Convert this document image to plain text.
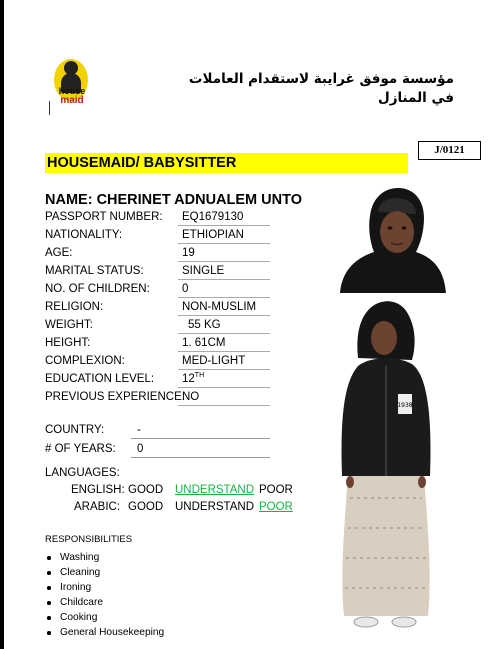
house
maid
مؤسسة موفق غرايبة لاستقدام العاملات
في المنازل
J/0121
HOUSEMAID/ BABYSITTER
NAME: CHERINET ADNUALEM UNTO
PASSPORT NUMBER:	EQ1679130
NATIONALITY:	ETHIOPIAN
AGE:	19
MARITAL STATUS:	SINGLE
NO. OF CHILDREN:	0
RELIGION:	NON-MUSLIM
WEIGHT:	55 KG
HEIGHT:	1. 61CM
COMPLEXION:	MED-LIGHT
EDUCATION LEVEL:	12TH
PREVIOUS EXPERIENCE:
NO
COUNTRY:	-
# OF YEARS:	0
LANGUAGES:
ENGLISH: GOOD UNDERSTAND POOR
ARABIC: GOOD UNDERSTAND POOR
RESPONSIBILITIES
Washing
Cleaning
Ironing
Childcare
Cooking
General Housekeeping
1938
